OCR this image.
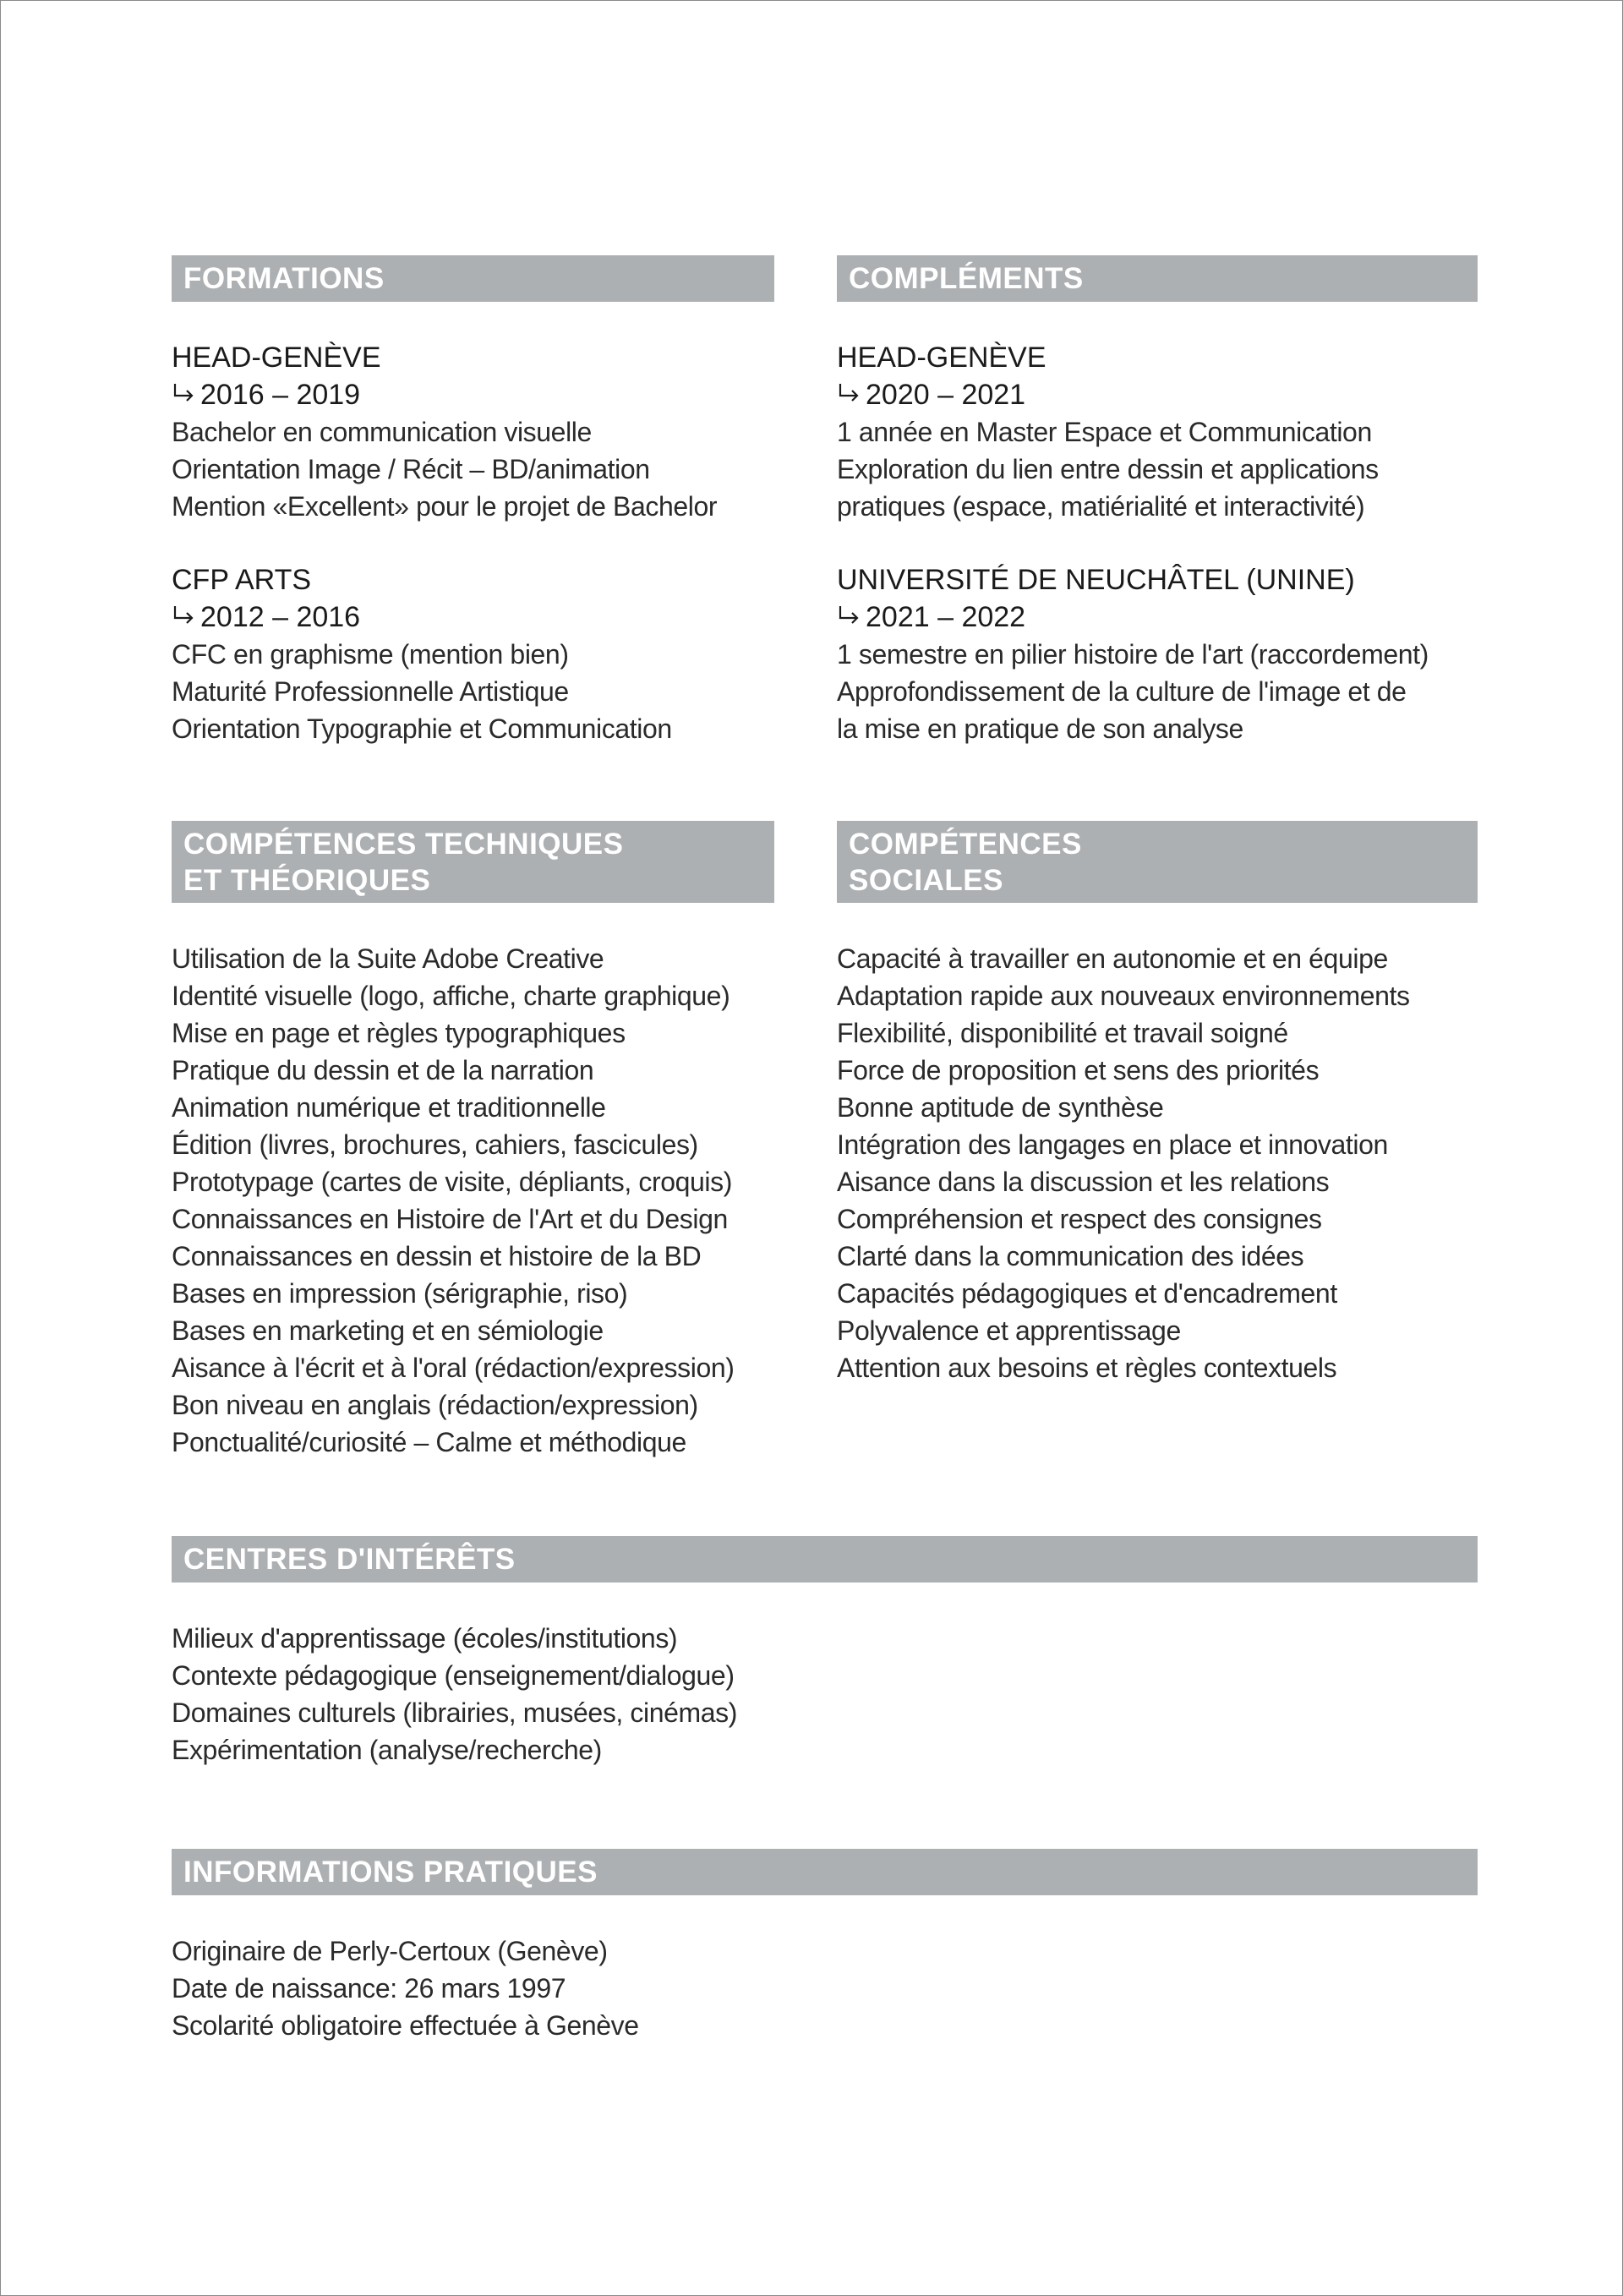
FORMATIONS
HEAD-GENÈVE
2016 – 2019
Bachelor en communication visuelle
Orientation Image / Récit – BD/animation
Mention «Excellent» pour le projet de Bachelor
CFP ARTS
2012 – 2016
CFC en graphisme (mention bien)
Maturité Professionnelle Artistique
Orientation Typographie et Communication
COMPLÉMENTS
HEAD-GENÈVE
2020 – 2021
1 année en Master Espace et Communication
Exploration du lien entre dessin et applications
pratiques (espace, matiérialité et interactivité)
UNIVERSITÉ DE NEUCHÂTEL (UNINE)
2021 – 2022
1 semestre en pilier histoire de l'art (raccordement)
Approfondissement de la culture de l'image et de
la mise en pratique de son analyse
COMPÉTENCES TECHNIQUES
ET THÉORIQUES
Utilisation de la Suite Adobe Creative
Identité visuelle (logo, affiche, charte graphique)
Mise en page et règles typographiques
Pratique du dessin et de la narration
Animation numérique et traditionnelle
Édition (livres, brochures, cahiers, fascicules)
Prototypage (cartes de visite, dépliants, croquis)
Connaissances en Histoire de l'Art et du Design
Connaissances en dessin et histoire de la BD
Bases en impression (sérigraphie, riso)
Bases en marketing et en sémiologie
Aisance à l'écrit et à l'oral (rédaction/expression)
Bon niveau en anglais (rédaction/expression)
Ponctualité/curiosité – Calme et méthodique
COMPÉTENCES
SOCIALES
Capacité à travailler en autonomie et en équipe
Adaptation rapide aux nouveaux environnements
Flexibilité, disponibilité et travail soigné
Force de proposition et sens des priorités
Bonne aptitude de synthèse
Intégration des langages en place et innovation
Aisance dans la discussion et les relations
Compréhension et respect des consignes
Clarté dans la communication des idées
Capacités pédagogiques et d'encadrement
Polyvalence et apprentissage
Attention aux besoins et règles contextuels
CENTRES D'INTÉRÊTS
Milieux d'apprentissage (écoles/institutions)
Contexte pédagogique (enseignement/dialogue)
Domaines culturels (librairies, musées, cinémas)
Expérimentation (analyse/recherche)
INFORMATIONS PRATIQUES
Originaire de Perly-Certoux (Genève)
Date de naissance: 26 mars 1997
Scolarité obligatoire effectuée à Genève
